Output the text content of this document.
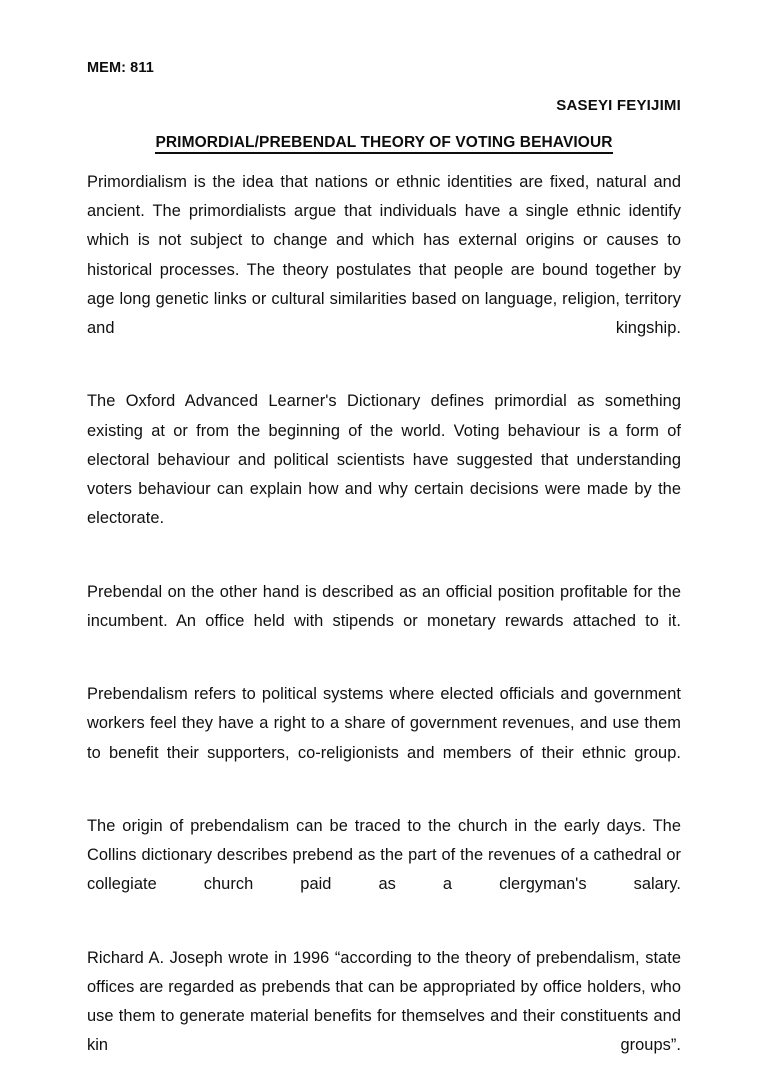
MEM: 811
SASEYI FEYIJIMI
PRIMORDIAL/PREBENDAL THEORY OF VOTING BEHAVIOUR

Primordialism is the idea that nations or ethnic identities are fixed, natural and ancient. The primordialists argue that individuals have a single ethnic identify which is not subject to change and which has external origins or causes to historical processes. The theory postulates that people are bound together by age long genetic links or cultural similarities based on language, religion, territory and kingship.

The Oxford Advanced Learner's Dictionary defines primordial as something existing at or from the beginning of the world. Voting behaviour is a form of electoral behaviour and political scientists have suggested that understanding voters behaviour can explain how and why certain decisions were made by the electorate.

Prebendal on the other hand is described as an official position profitable for the incumbent. An office held with stipends or monetary rewards attached to it.

Prebendalism refers to political systems where elected officials and government workers feel they have a right to a share of government revenues, and use them to benefit their supporters, co-religionists and members of their ethnic group.

The origin of prebendalism can be traced to the church in the early days. The Collins dictionary describes prebend as the part of the revenues of a cathedral or collegiate church paid as a clergyman's salary.

Richard A. Joseph wrote in 1996 “according to the theory of prebendalism, state offices are regarded as prebends that can be appropriated by office holders, who use them to generate material benefits for themselves and their constituents and kin groups”.
